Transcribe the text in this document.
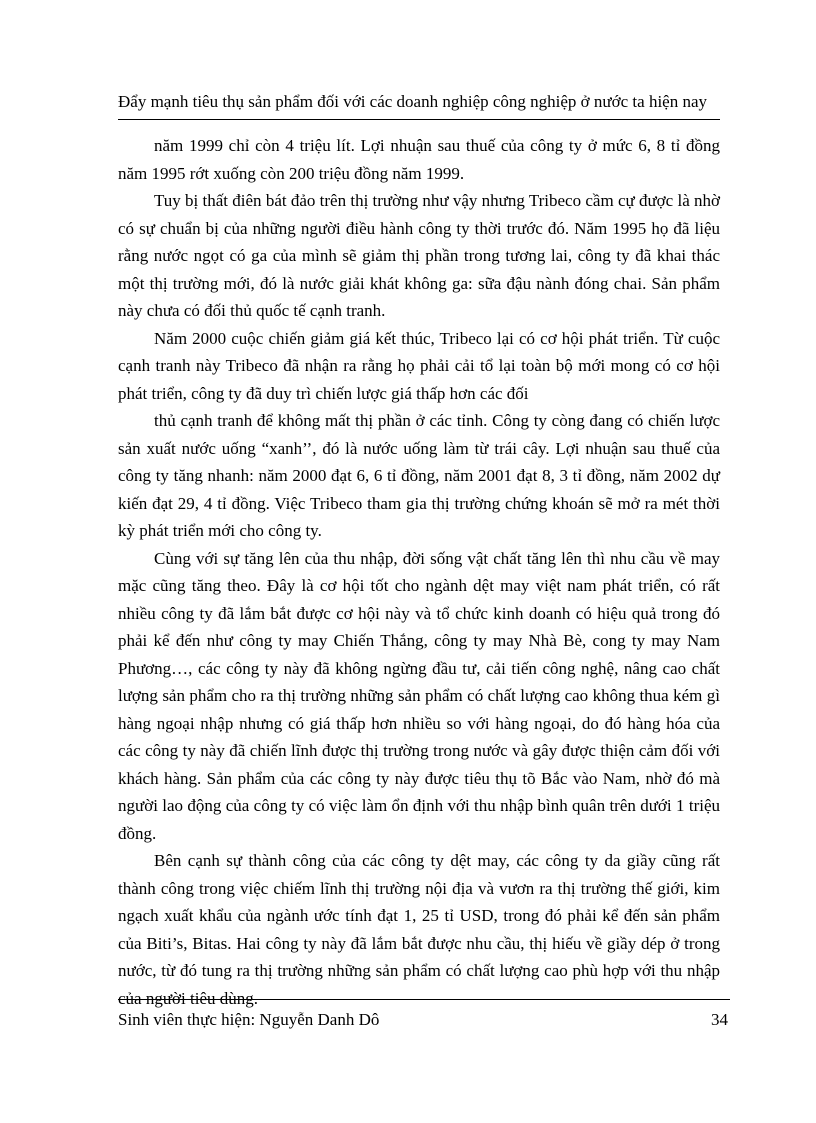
Đẩy mạnh tiêu thụ sản phẩm đối với các doanh nghiệp công nghiệp ở nước ta hiện nay

năm 1999 chỉ còn 4 triệu lít. Lợi nhuận sau thuế của công ty ở mức 6, 8 tỉ đồng năm 1995 rớt xuống còn 200 triệu đồng năm 1999.

Tuy bị thất điên bát đảo trên thị trường như vậy nhưng Tribeco cầm cự được là nhờ có sự chuẩn bị của những người điều hành công ty thời trước đó. Năm 1995 họ đã liệu rằng nước ngọt có ga của mình sẽ giảm thị phần trong tương lai, công ty đã khai thác một thị trường mới, đó là nước giải khát không ga: sữa đậu nành đóng chai. Sản phẩm này chưa có đối thủ quốc tế cạnh tranh.

Năm 2000 cuộc chiến giảm giá kết thúc, Tribeco lại có cơ hội phát triển. Từ cuộc cạnh tranh này Tribeco đã nhận ra rằng họ phải cải tổ lại toàn bộ mới mong có cơ hội phát triển, công ty đã duy trì chiến lược giá thấp hơn các đối

thủ cạnh tranh để không mất thị phần ở các tỉnh. Công ty còng đang có chiến lược sản xuất nước uống “xanh’’, đó là nước uống làm từ trái cây. Lợi nhuận sau thuế của công ty tăng nhanh: năm 2000 đạt 6, 6 tỉ đồng, năm 2001 đạt 8, 3 tỉ đồng, năm 2002 dự kiến đạt 29, 4 tỉ đồng. Việc Tribeco tham gia thị trường chứng khoán sẽ mở ra mét thời kỳ phát triển mới cho công ty.

Cùng với sự tăng lên của thu nhập, đời sống vật chất tăng lên thì nhu cầu về may mặc cũng tăng theo. Đây là cơ hội tốt cho ngành dệt may việt nam phát triển, có rất nhiều công ty đã lắm bắt được cơ hội này và tổ chức kinh doanh có hiệu quả trong đó phải kể đến như công ty may Chiến Thắng, công ty may Nhà Bè, cong ty may Nam Phương…, các công ty này đã không ngừng đầu tư, cải tiến công nghệ, nâng cao chất lượng sản phẩm cho ra thị trường những sản phẩm có chất lượng cao không thua kém gì hàng ngoại nhập nhưng có giá thấp hơn nhiều so với hàng ngoại, do đó hàng hóa của các công ty này đã chiến lĩnh được thị trường trong nước và gây được thiện cảm đối với khách hàng. Sản phẩm của các công ty này được tiêu thụ tõ Bắc vào Nam, nhờ đó mà người lao động của công ty có việc làm ổn định với thu nhập bình quân trên dưới 1 triệu đồng.

Bên cạnh sự thành công của các công ty dệt may, các công ty da giầy cũng rất thành công trong việc chiếm lĩnh thị trường nội địa và vươn ra thị trường thế giới, kim ngạch xuất khẩu của ngành ước tính đạt 1, 25 tỉ USD, trong đó phải kể đến sản phẩm của Biti’s, Bitas. Hai công ty này đã lắm bắt được nhu cầu, thị hiếu về giầy dép ở trong nước, từ đó tung ra thị trường những sản phẩm có chất lượng cao phù hợp với thu nhập của người tiêu dùng.

Sinh viên thực hiện: Nguyễn Danh Dô	34
